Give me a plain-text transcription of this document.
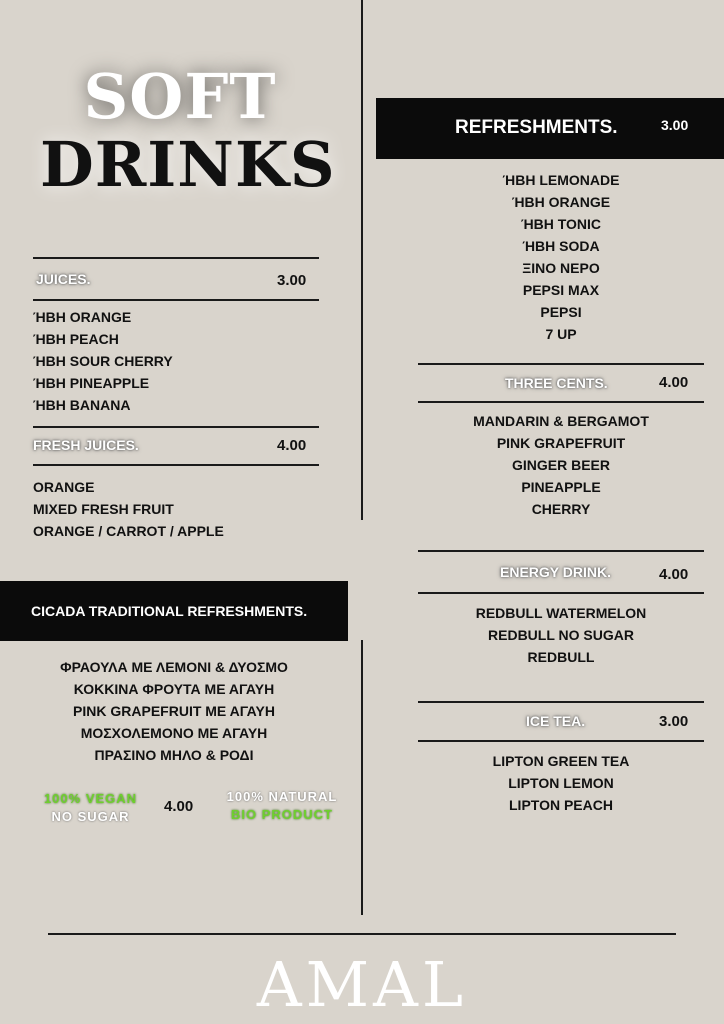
SOFT
DRINKS
JUICES.	3.00
ΉΒΗ ORANGE
ΉΒΗ PEACH
ΉΒΗ SOUR CHERRY
ΉΒΗ PINEAPPLE
ΉΒΗ BANANA
FRESH JUICES.	4.00
ORANGE
MIXED FRESH FRUIT
ORANGE / CARROT / APPLE
CICADA TRADITIONAL REFRESHMENTS.
ΦΡΑΟΥΛΑ ΜΕ ΛΕΜΟΝΙ & ΔΥΟΣΜΟ
ΚΟΚΚΙΝΑ ΦΡΟΥΤΑ ΜΕ ΑΓΑΥΗ
PINK GRAPEFRUIT ΜΕ ΑΓΑΥΗ
ΜΟΣΧΟΛΕΜΟΝΟ ΜΕ ΑΓΑΥΗ
ΠΡΑΣΙΝΟ ΜΗΛΟ & ΡΟΔΙ
100% VEGAN
NO SUGAR
4.00
100% NATURAL
BIO PRODUCT
REFRESHMENTS.	3.00
ΉΒΗ LEMONADE
ΉΒΗ ORANGE
ΉΒΗ TONIC
ΉΒΗ SODA
ΞΙΝΟ ΝΕΡΟ
PEPSI MAX
PEPSI
7 UP
THREE CENTS.	4.00
MANDARIN & BERGAMOT
PINK GRAPEFRUIT
GINGER BEER
PINEAPPLE
CHERRY
ENERGY DRINK.	4.00
REDBULL WATERMELON
REDBULL NO SUGAR
REDBULL
ICE TEA.	3.00
LIPTON GREEN TEA
LIPTON LEMON
LIPTON PEACH
AMAL
